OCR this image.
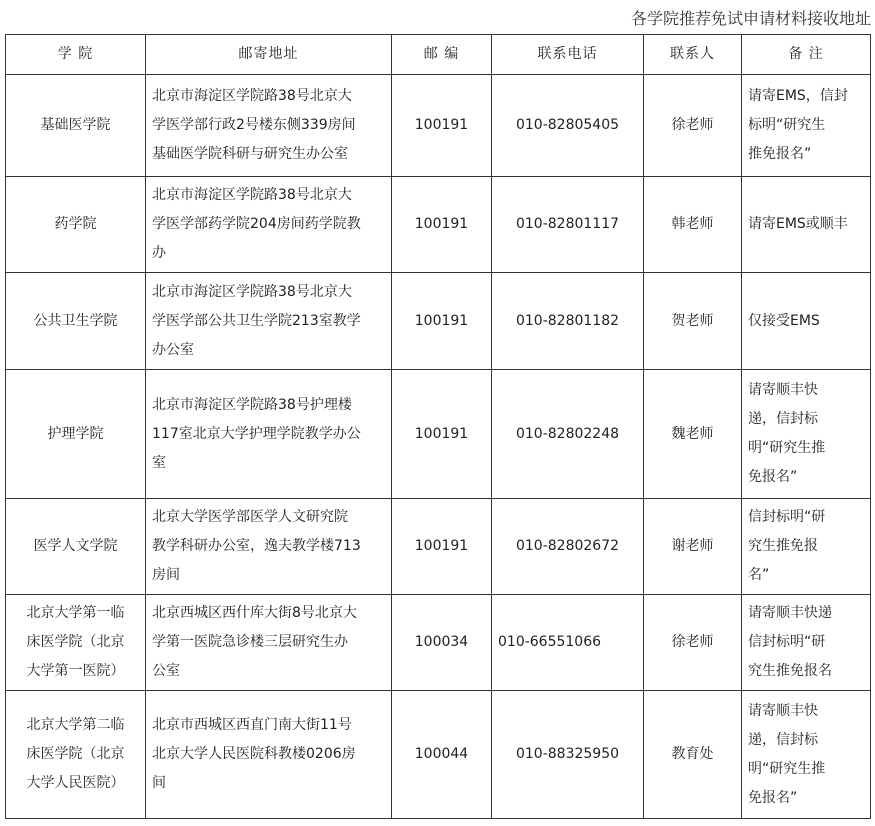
各学院推荐免试申请材料接收地址
学 院	邮寄地址	邮 编	联系电话	联系人	备 注

基础医学院	北京市海淀区学院路38号北京大
学医学部行政2号楼东侧339房间
基础医学院科研与研究生办公室	100191	010-82805405	徐老师	请寄EMS，信封
标明“研究生
推免报名”

药学院	北京市海淀区学院路38号北京大
学医学部药学院204房间药学院教
办	100191	010-82801117	韩老师	请寄EMS或顺丰

公共卫生学院	北京市海淀区学院路38号北京大
学医学部公共卫生学院213室教学
办公室	100191	010-82801182	贺老师	仅接受EMS

护理学院	北京市海淀区学院路38号护理楼
117室北京大学护理学院教学办公
室	100191	010-82802248	魏老师	请寄顺丰快
递，信封标
明“研究生推
免报名”

医学人文学院	北京大学医学部医学人文研究院
教学科研办公室，逸夫教学楼713
房间	100191	010-82802672	谢老师	信封标明“研
究生推免报
名”

北京大学第一临
床医学院（北京
大学第一医院）	北京西城区西什库大街8号北京大
学第一医院急诊楼三层研究生办
公室	100034	010-66551066	徐老师	请寄顺丰快递
信封标明“研
究生推免报名

北京大学第二临
床医学院（北京
大学人民医院）	北京市西城区西直门南大街11号
北京大学人民医院科教楼0206房
间	100044	010-88325950	教育处	请寄顺丰快
递，信封标
明“研究生推
免报名”
